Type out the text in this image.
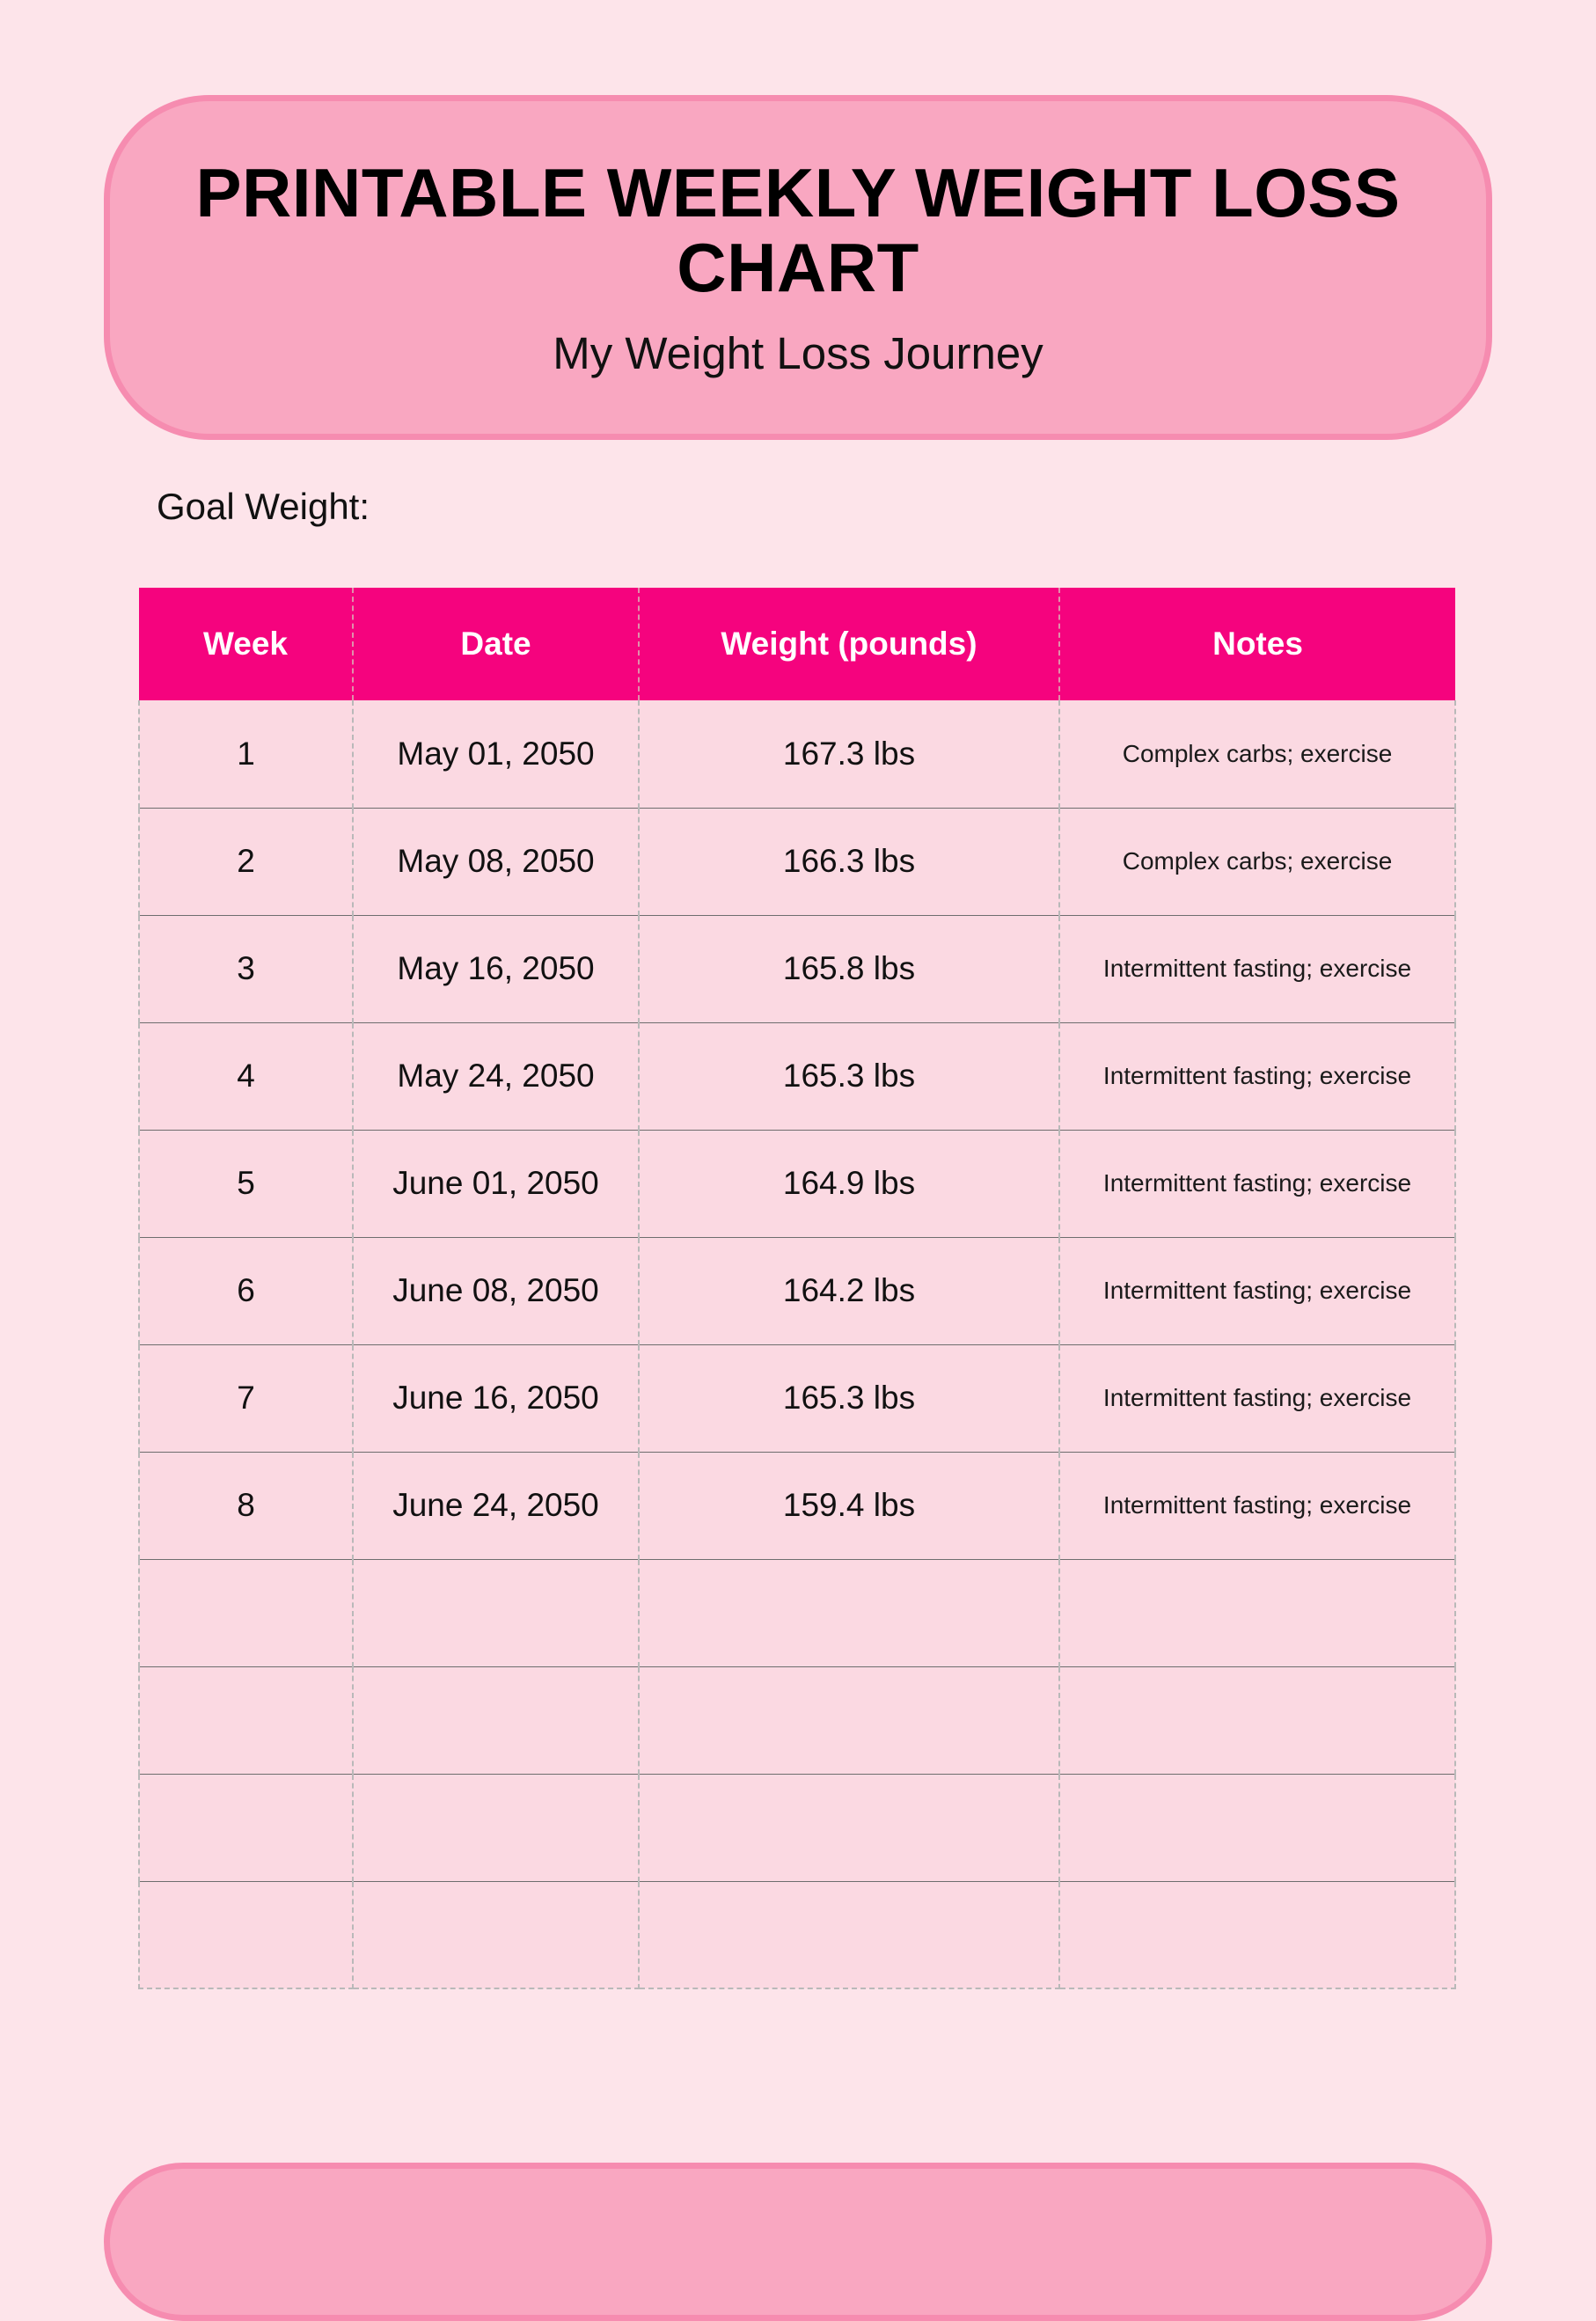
PRINTABLE WEEKLY WEIGHT LOSS CHART
My Weight Loss Journey
Goal Weight:
Week	Date	Weight (pounds)	Notes
1	May 01, 2050	167.3 lbs	Complex carbs; exercise
2	May 08, 2050	166.3 lbs	Complex carbs; exercise
3	May 16, 2050	165.8 lbs	Intermittent fasting; exercise
4	May 24, 2050	165.3 lbs	Intermittent fasting; exercise
5	June 01, 2050	164.9 lbs	Intermittent fasting; exercise
6	June 08, 2050	164.2 lbs	Intermittent fasting; exercise
7	June 16, 2050	165.3 lbs	Intermittent fasting; exercise
8	June 24, 2050	159.4 lbs	Intermittent fasting; exercise
